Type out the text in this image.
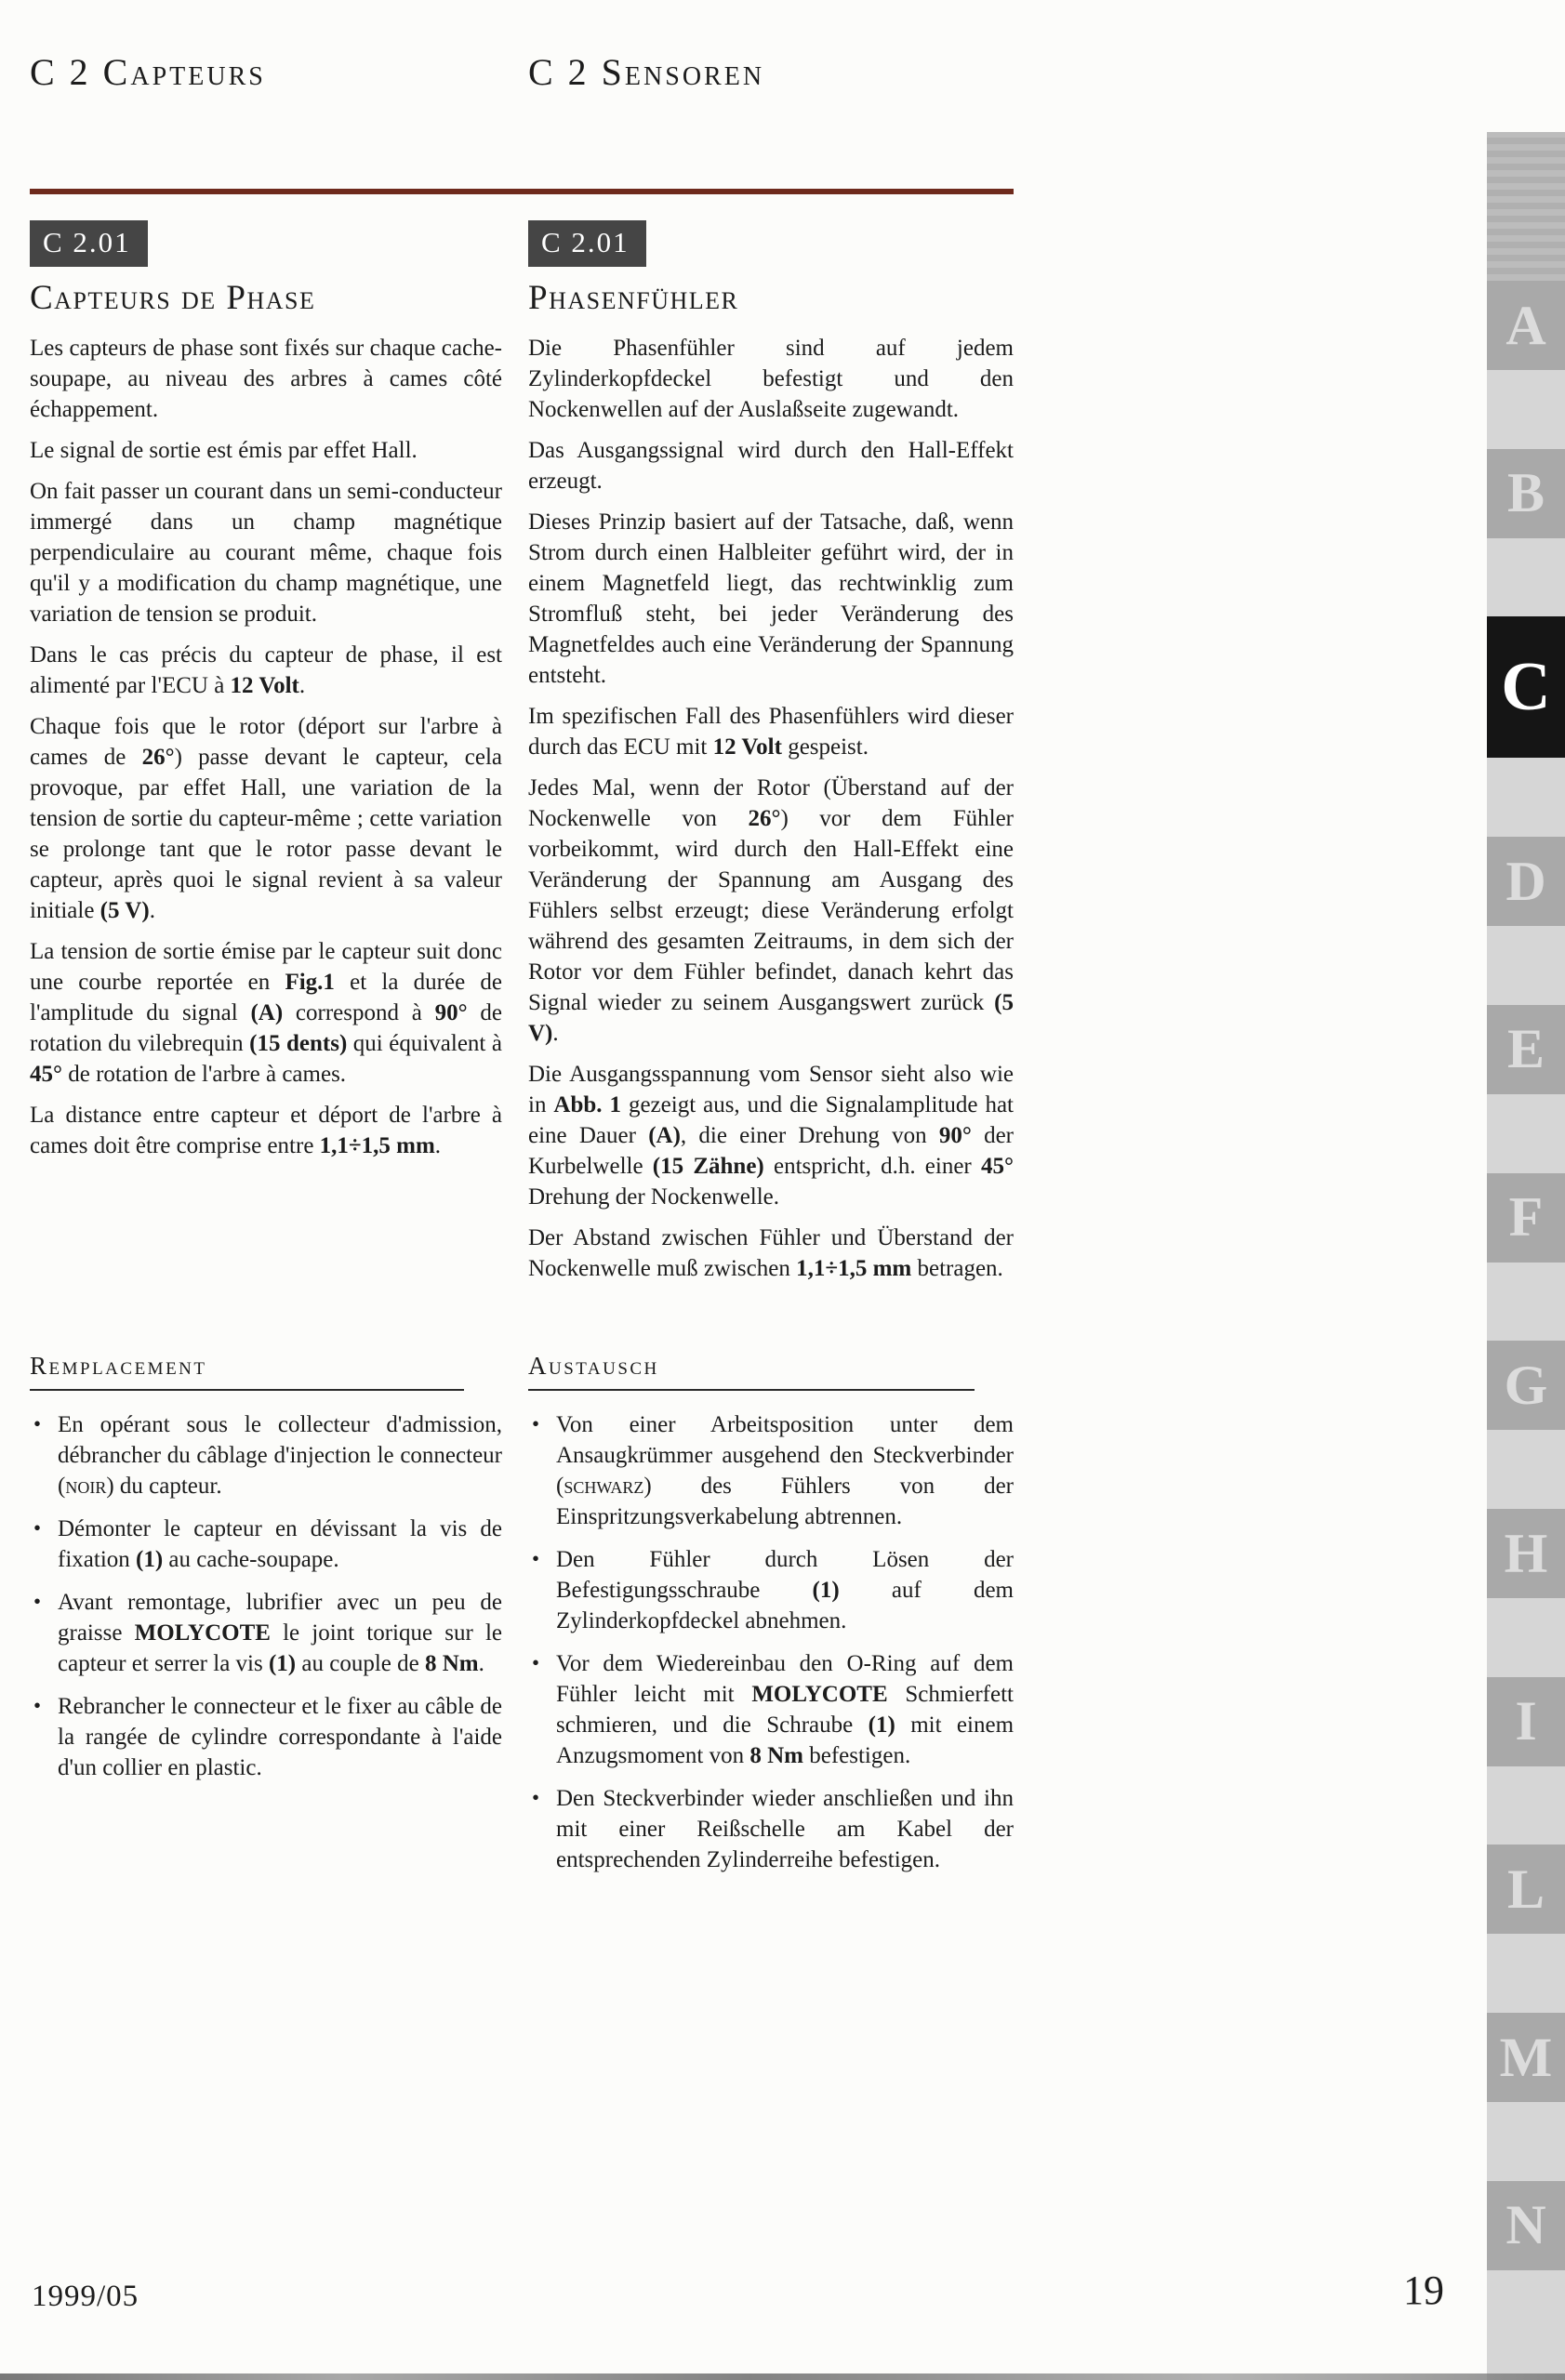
C 2 Capteurs	C 2 Sensoren
C 2.01
Capteurs de Phase

Les capteurs de phase sont fixés sur chaque cache-soupape, au niveau des arbres à cames côté échappement.

Le signal de sortie est émis par effet Hall.

On fait passer un courant dans un semi-conducteur immergé dans un champ magnétique perpendiculaire au courant même, chaque fois qu'il y a modification du champ magnétique, une variation de tension se produit.

Dans le cas précis du capteur de phase, il est alimenté par l'ECU à 12 Volt.

Chaque fois que le rotor (déport sur l'arbre à cames de 26°) passe devant le capteur, cela provoque, par effet Hall, une variation de la tension de sortie du capteur-même ; cette variation se prolonge tant que le rotor passe devant le capteur, après quoi le signal revient à sa valeur initiale (5 V).

La tension de sortie émise par le capteur suit donc une courbe reportée en Fig.1 et la durée de l'amplitude du signal (A) correspond à 90° de rotation du vilebrequin (15 dents) qui équivalent à 45° de rotation de l'arbre à cames.

La distance entre capteur et déport de l'arbre à cames doit être comprise entre 1,1÷1,5 mm.

C 2.01
Phasenfühler

Die Phasenfühler sind auf jedem Zylinderkopfdeckel befestigt und den Nockenwellen auf der Auslaßseite zugewandt.

Das Ausgangssignal wird durch den Hall-Effekt erzeugt.

Dieses Prinzip basiert auf der Tatsache, daß, wenn Strom durch einen Halbleiter geführt wird, der in einem Magnetfeld liegt, das rechtwinklig zum Stromfluß steht, bei jeder Veränderung des Magnetfeldes auch eine Veränderung der Spannung entsteht.

Im spezifischen Fall des Phasenfühlers wird dieser durch das ECU mit 12 Volt gespeist.

Jedes Mal, wenn der Rotor (Überstand auf der Nockenwelle von 26°) vor dem Fühler vorbeikommt, wird durch den Hall-Effekt eine Veränderung der Spannung am Ausgang des Fühlers selbst erzeugt; diese Veränderung erfolgt während des gesamten Zeitraums, in dem sich der Rotor vor dem Fühler befindet, danach kehrt das Signal wieder zu seinem Ausgangswert zurück (5 V).

Die Ausgangsspannung vom Sensor sieht also wie in Abb. 1 gezeigt aus, und die Signalamplitude hat eine Dauer (A), die einer Drehung von 90° der Kurbelwelle (15 Zähne) entspricht, d.h. einer 45° Drehung der Nockenwelle.

Der Abstand zwischen Fühler und Überstand der Nockenwelle muß zwischen 1,1÷1,5 mm betragen.

Remplacement
• En opérant sous le collecteur d'admission, débrancher du câblage d'injection le connecteur (noir) du capteur.
• Démonter le capteur en dévissant la vis de fixation (1) au cache-soupape.
• Avant remontage, lubrifier avec un peu de graisse MOLYCOTE le joint torique sur le capteur et serrer la vis (1) au couple de 8 Nm.
• Rebrancher le connecteur et le fixer au câble de la rangée de cylindre correspondante à l'aide d'un collier en plastic.
Austausch
• Von einer Arbeitsposition unter dem Ansaugkrümmer ausgehend den Steckverbinder (schwarz) des Fühlers von der Einspritzungsverkabelung abtrennen.
• Den Fühler durch Lösen der Befestigungsschraube (1) auf dem Zylinderkopfdeckel abnehmen.
• Vor dem Wiedereinbau den O-Ring auf dem Fühler leicht mit MOLYCOTE Schmierfett schmieren, und die Schraube (1) mit einem Anzugsmoment von 8 Nm befestigen.
• Den Steckverbinder wieder anschließen und ihn mit einer Reißschelle am Kabel der entsprechenden Zylinderreihe befestigen.
A
B
C
D
E
F
G
H
I
L
M
N
1999/05	19
